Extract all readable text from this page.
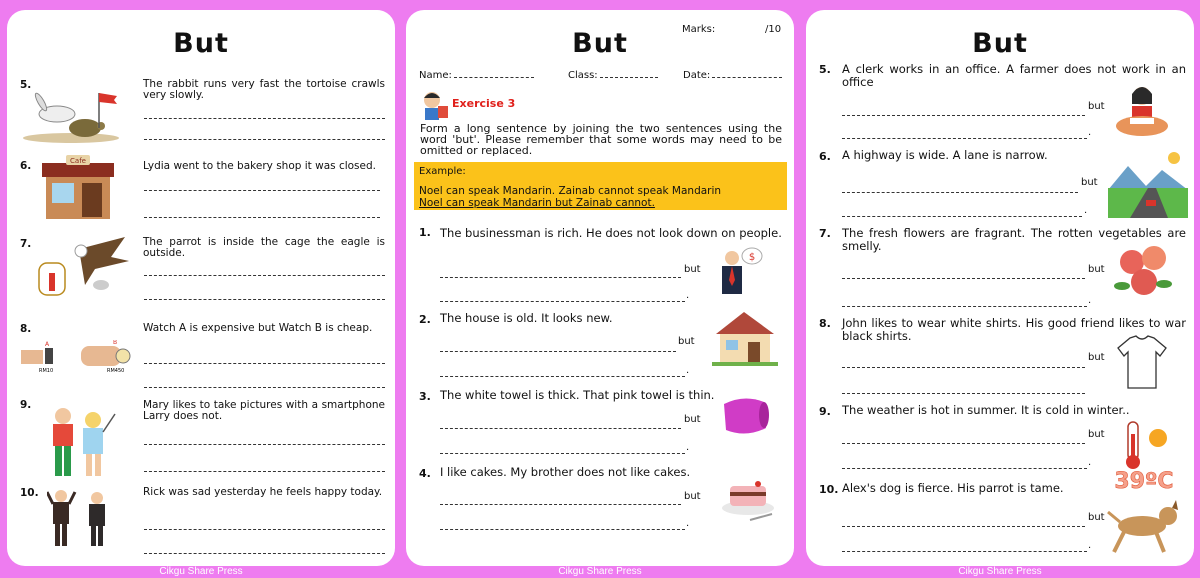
But
5.	The rabbit runs very fast the tortoise crawls very slowly.
6.	Cafe	Lydia went to the bakery shop it was closed.
7.	The parrot is inside the cage the eagle is outside.
8.
A
RM10
B
RM450
Watch A is expensive but Watch B is cheap.
9.	Mary likes to take pictures with a smartphone Larry does not.
10.	Rick was sad yesterday he feels happy today.
But	Marks:	/10
Name:	Class:	Date:
Exercise 3
Form a long sentence by joining the two sentences using the word 'but'. Please remember that some words may need to be omitted or replaced.
Example:
Noel can speak Mandarin. Zainab cannot speak Mandarin
Noel can speak Mandarin but Zainab cannot.
1. The businessman is rich. He does not look down on people.
but
.
$
2. The house is old. It looks new.
but
.
3. The white towel is thick. That pink towel is thin.
but
.
4. I like cakes. My brother does not like cakes.
but
.
But
5. A clerk works in an office. A farmer does not work in an office
but
.
6. A highway is wide. A lane is narrow.
but
.
7. The fresh flowers are fragrant. The rotten vegetables are smelly.
but
.
8. John likes to wear white shirts. His good friend likes to war black shirts.
but
9. The weather is hot in summer. It is cold in winter..
but
.
39ºC
10. Alex's dog is fierce. His parrot is tame.
but
.
Cikgu Share Press	Cikgu Share Press	Cikgu Share Press
